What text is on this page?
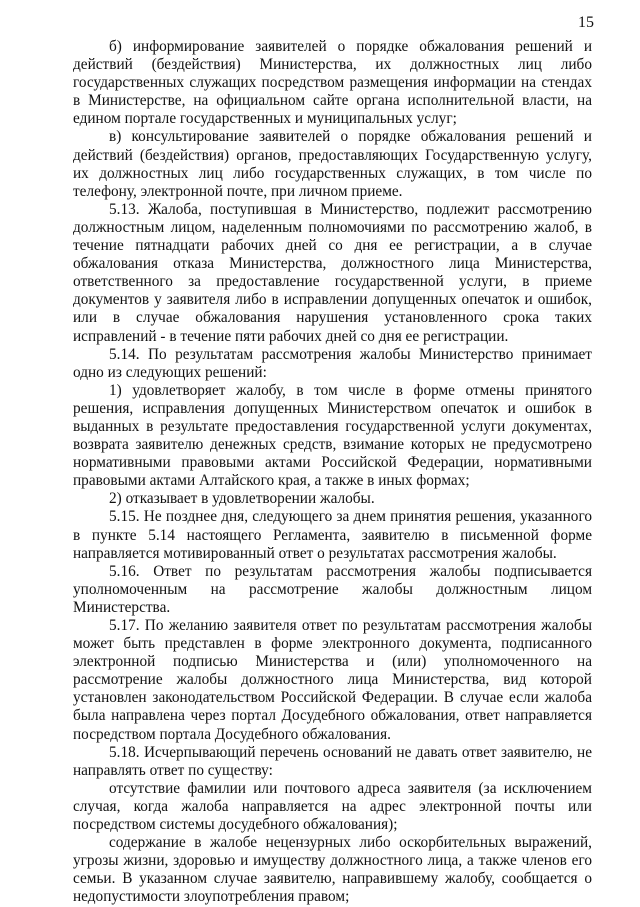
15

б) информирование заявителей о порядке обжалования решений и действий (бездействия) Министерства, их должностных лиц либо государственных служащих посредством размещения информации на стендах в Министерстве, на официальном сайте органа исполнительной власти, на едином портале государственных и муниципальных услуг;

в) консультирование заявителей о порядке обжалования решений и действий (бездействия) органов, предоставляющих Государственную услугу, их должностных лиц либо государственных служащих, в том числе по телефону, электронной почте, при личном приеме.

5.13. Жалоба, поступившая в Министерство, подлежит рассмотрению должностным лицом, наделенным полномочиями по рассмотрению жалоб, в течение пятнадцати рабочих дней со дня ее регистрации, а в случае обжалования отказа Министерства, должностного лица Министерства, ответственного за предоставление государственной услуги, в приеме документов у заявителя либо в исправлении допущенных опечаток и ошибок, или в случае обжалования нарушения установленного срока таких исправлений - в течение пяти рабочих дней со дня ее регистрации.

5.14. По результатам рассмотрения жалобы Министерство принимает одно из следующих решений:

1) удовлетворяет жалобу, в том числе в форме отмены принятого решения, исправления допущенных Министерством опечаток и ошибок в выданных в результате предоставления государственной услуги документах, возврата заявителю денежных средств, взимание которых не предусмотрено нормативными правовыми актами Российской Федерации, нормативными правовыми актами Алтайского края, а также в иных формах;

2) отказывает в удовлетворении жалобы.

5.15. Не позднее дня, следующего за днем принятия решения, указанного в пункте 5.14 настоящего Регламента, заявителю в письменной форме направляется мотивированный ответ о результатах рассмотрения жалобы.

5.16. Ответ по результатам рассмотрения жалобы подписывается уполномоченным на рассмотрение жалобы должностным лицом Министерства.

5.17. По желанию заявителя ответ по результатам рассмотрения жалобы может быть представлен в форме электронного документа, подписанного электронной подписью Министерства и (или) уполномоченного на рассмотрение жалобы должностного лица Министерства, вид которой установлен законодательством Российской Федерации. В случае если жалоба была направлена через портал Досудебного обжалования, ответ направляется посредством портала Досудебного обжалования.

5.18. Исчерпывающий перечень оснований не давать ответ заявителю, не направлять ответ по существу:

отсутствие фамилии или почтового адреса заявителя (за исключением случая, когда жалоба направляется на адрес электронной почты или посредством системы досудебного обжалования);

содержание в жалобе нецензурных либо оскорбительных выражений, угрозы жизни, здоровью и имуществу должностного лица, а также членов его семьи. В указанном случае заявителю, направившему жалобу, сообщается о недопустимости злоупотребления правом;
